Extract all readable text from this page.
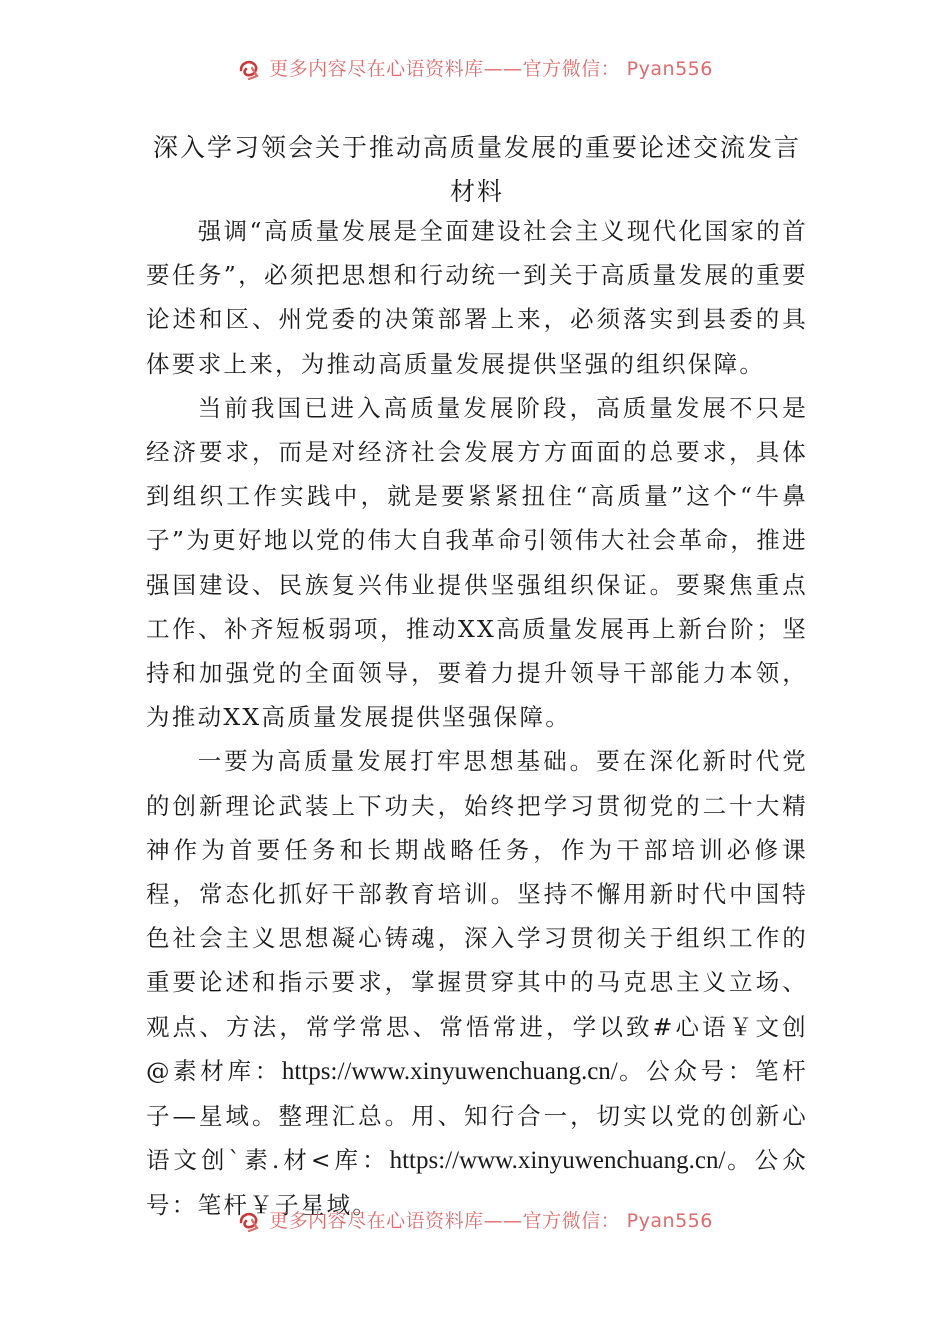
更多内容尽在心语资料库——官方微信： Pyan556
深入学习领会关于推动高质量发展的重要论述交流发言材料

强调“高质量发展是全面建设社会主义现代化国家的首要任务”，必须把思想和行动统一到关于高质量发展的重要论述和区、州党委的决策部署上来，必须落实到县委的具体要求上来，为推动高质量发展提供坚强的组织保障。

当前我国已进入高质量发展阶段，高质量发展不只是经济要求，而是对经济社会发展方方面面的总要求，具体到组织工作实践中，就是要紧紧扭住“高质量”这个“牛鼻子”为更好地以党的伟大自我革命引领伟大社会革命，推进强国建设、民族复兴伟业提供坚强组织保证。要聚焦重点工作、补齐短板弱项，推动XX高质量发展再上新台阶；坚持和加强党的全面领导，要着力提升领导干部能力本领，为推动XX高质量发展提供坚强保障。

一要为高质量发展打牢思想基础。要在深化新时代党的创新理论武装上下功夫，始终把学习贯彻党的二十大精神作为首要任务和长期战略任务，作为干部培训必修课程，常态化抓好干部教育培训。坚持不懈用新时代中国特色社会主义思想凝心铸魂，深入学习贯彻关于组织工作的重要论述和指示要求，掌握贯穿其中的马克思主义立场、观点、方法，常学常思、常悟常进，学以致#心语￥文创@素材库：https://www.xinyuwenchuang.cn/。公众号：笔杆子—星域。整理汇总。用、知行合一，切实以党的创新心语文创`素.材<库：https://www.xinyuwenchuang.cn/。公众号：笔杆￥子星域。

更多内容尽在心语资料库——官方微信： Pyan556
